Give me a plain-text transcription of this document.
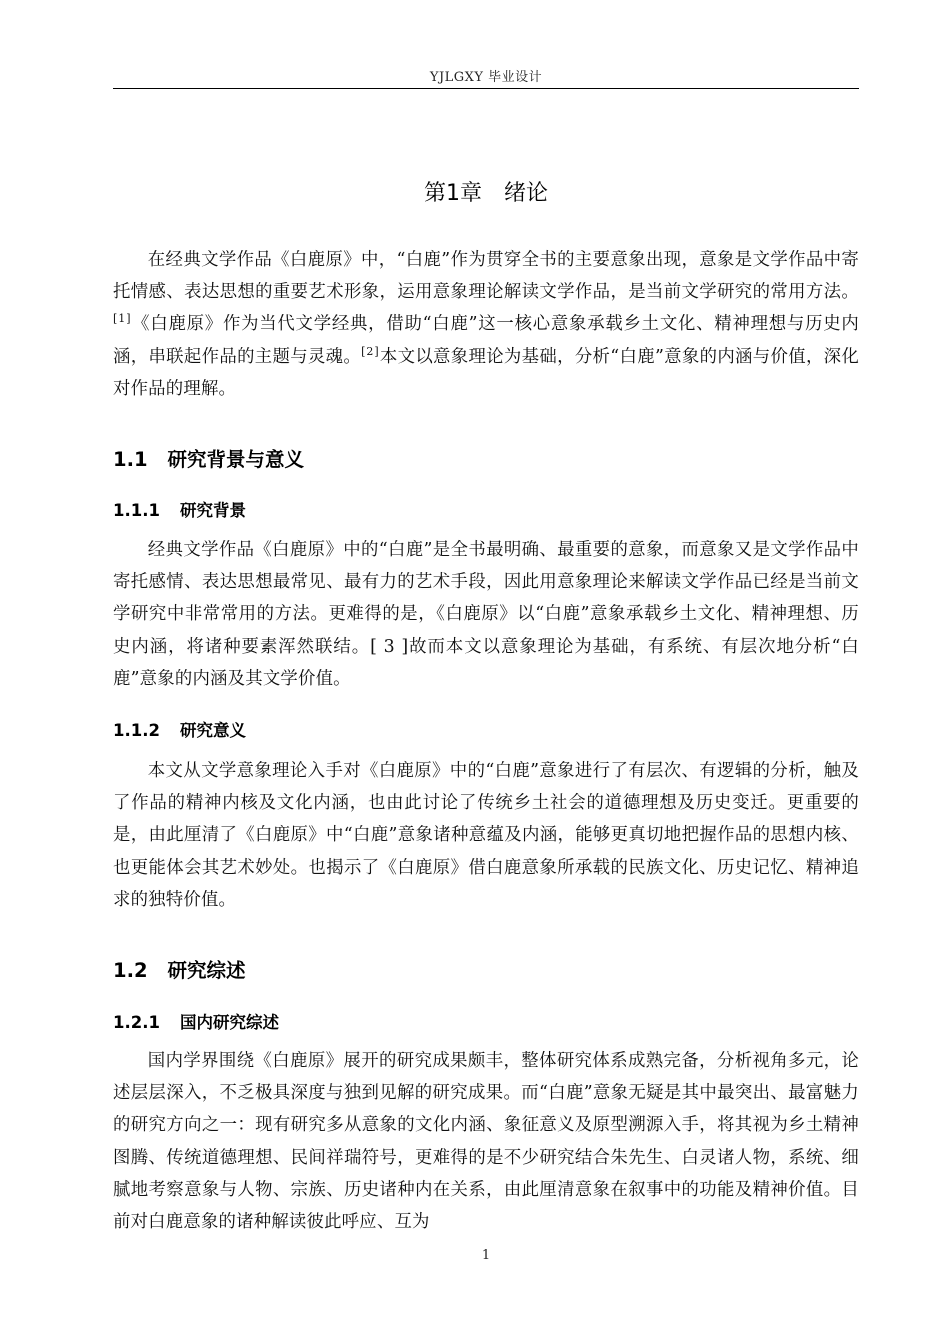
YJLGXY 毕业设计
第1章　绪论

在经典文学作品《白鹿原》中，“白鹿”作为贯穿全书的主要意象出现，意象是文学作品中寄托情感、表达思想的重要艺术形象，运用意象理论解读文学作品，是当前文学研究的常用方法。[1]《白鹿原》作为当代文学经典，借助“白鹿”这一核心意象承载乡土文化、精神理想与历史内涵，串联起作品的主题与灵魂。[2]本文以意象理论为基础，分析“白鹿”意象的内涵与价值，深化对作品的理解。

1.1 研究背景与意义
1.1.1 研究背景

经典文学作品《白鹿原》中的“白鹿”是全书最明确、最重要的意象，而意象又是文学作品中寄托感情、表达思想最常见、最有力的艺术手段，因此用意象理论来解读文学作品已经是当前文学研究中非常常用的方法。更难得的是，《白鹿原》以“白鹿”意象承载乡土文化、精神理想、历史内涵，将诸种要素浑然联结。[ 3 ]故而本文以意象理论为基础，有系统、有层次地分析“白鹿”意象的内涵及其文学价值。

1.1.2 研究意义

本文从文学意象理论入手对《白鹿原》中的“白鹿”意象进行了有层次、有逻辑的分析，触及了作品的精神内核及文化内涵，也由此讨论了传统乡土社会的道德理想及历史变迁。更重要的是，由此厘清了《白鹿原》中“白鹿”意象诸种意蕴及内涵，能够更真切地把握作品的思想内核、也更能体会其艺术妙处。也揭示了《白鹿原》借白鹿意象所承载的民族文化、历史记忆、精神追求的独特价值。

1.2 研究综述
1.2.1 国内研究综述

国内学界围绕《白鹿原》展开的研究成果颇丰，整体研究体系成熟完备，分析视角多元，论述层层深入，不乏极具深度与独到见解的研究成果。而“白鹿”意象无疑是其中最突出、最富魅力的研究方向之一：现有研究多从意象的文化内涵、象征意义及原型溯源入手，将其视为乡土精神图腾、传统道德理想、民间祥瑞符号，更难得的是不少研究结合朱先生、白灵诸人物，系统、细腻地考察意象与人物、宗族、历史诸种内在关系，由此厘清意象在叙事中的功能及精神价值。目前对白鹿意象的诸种解读彼此呼应、互为

1
